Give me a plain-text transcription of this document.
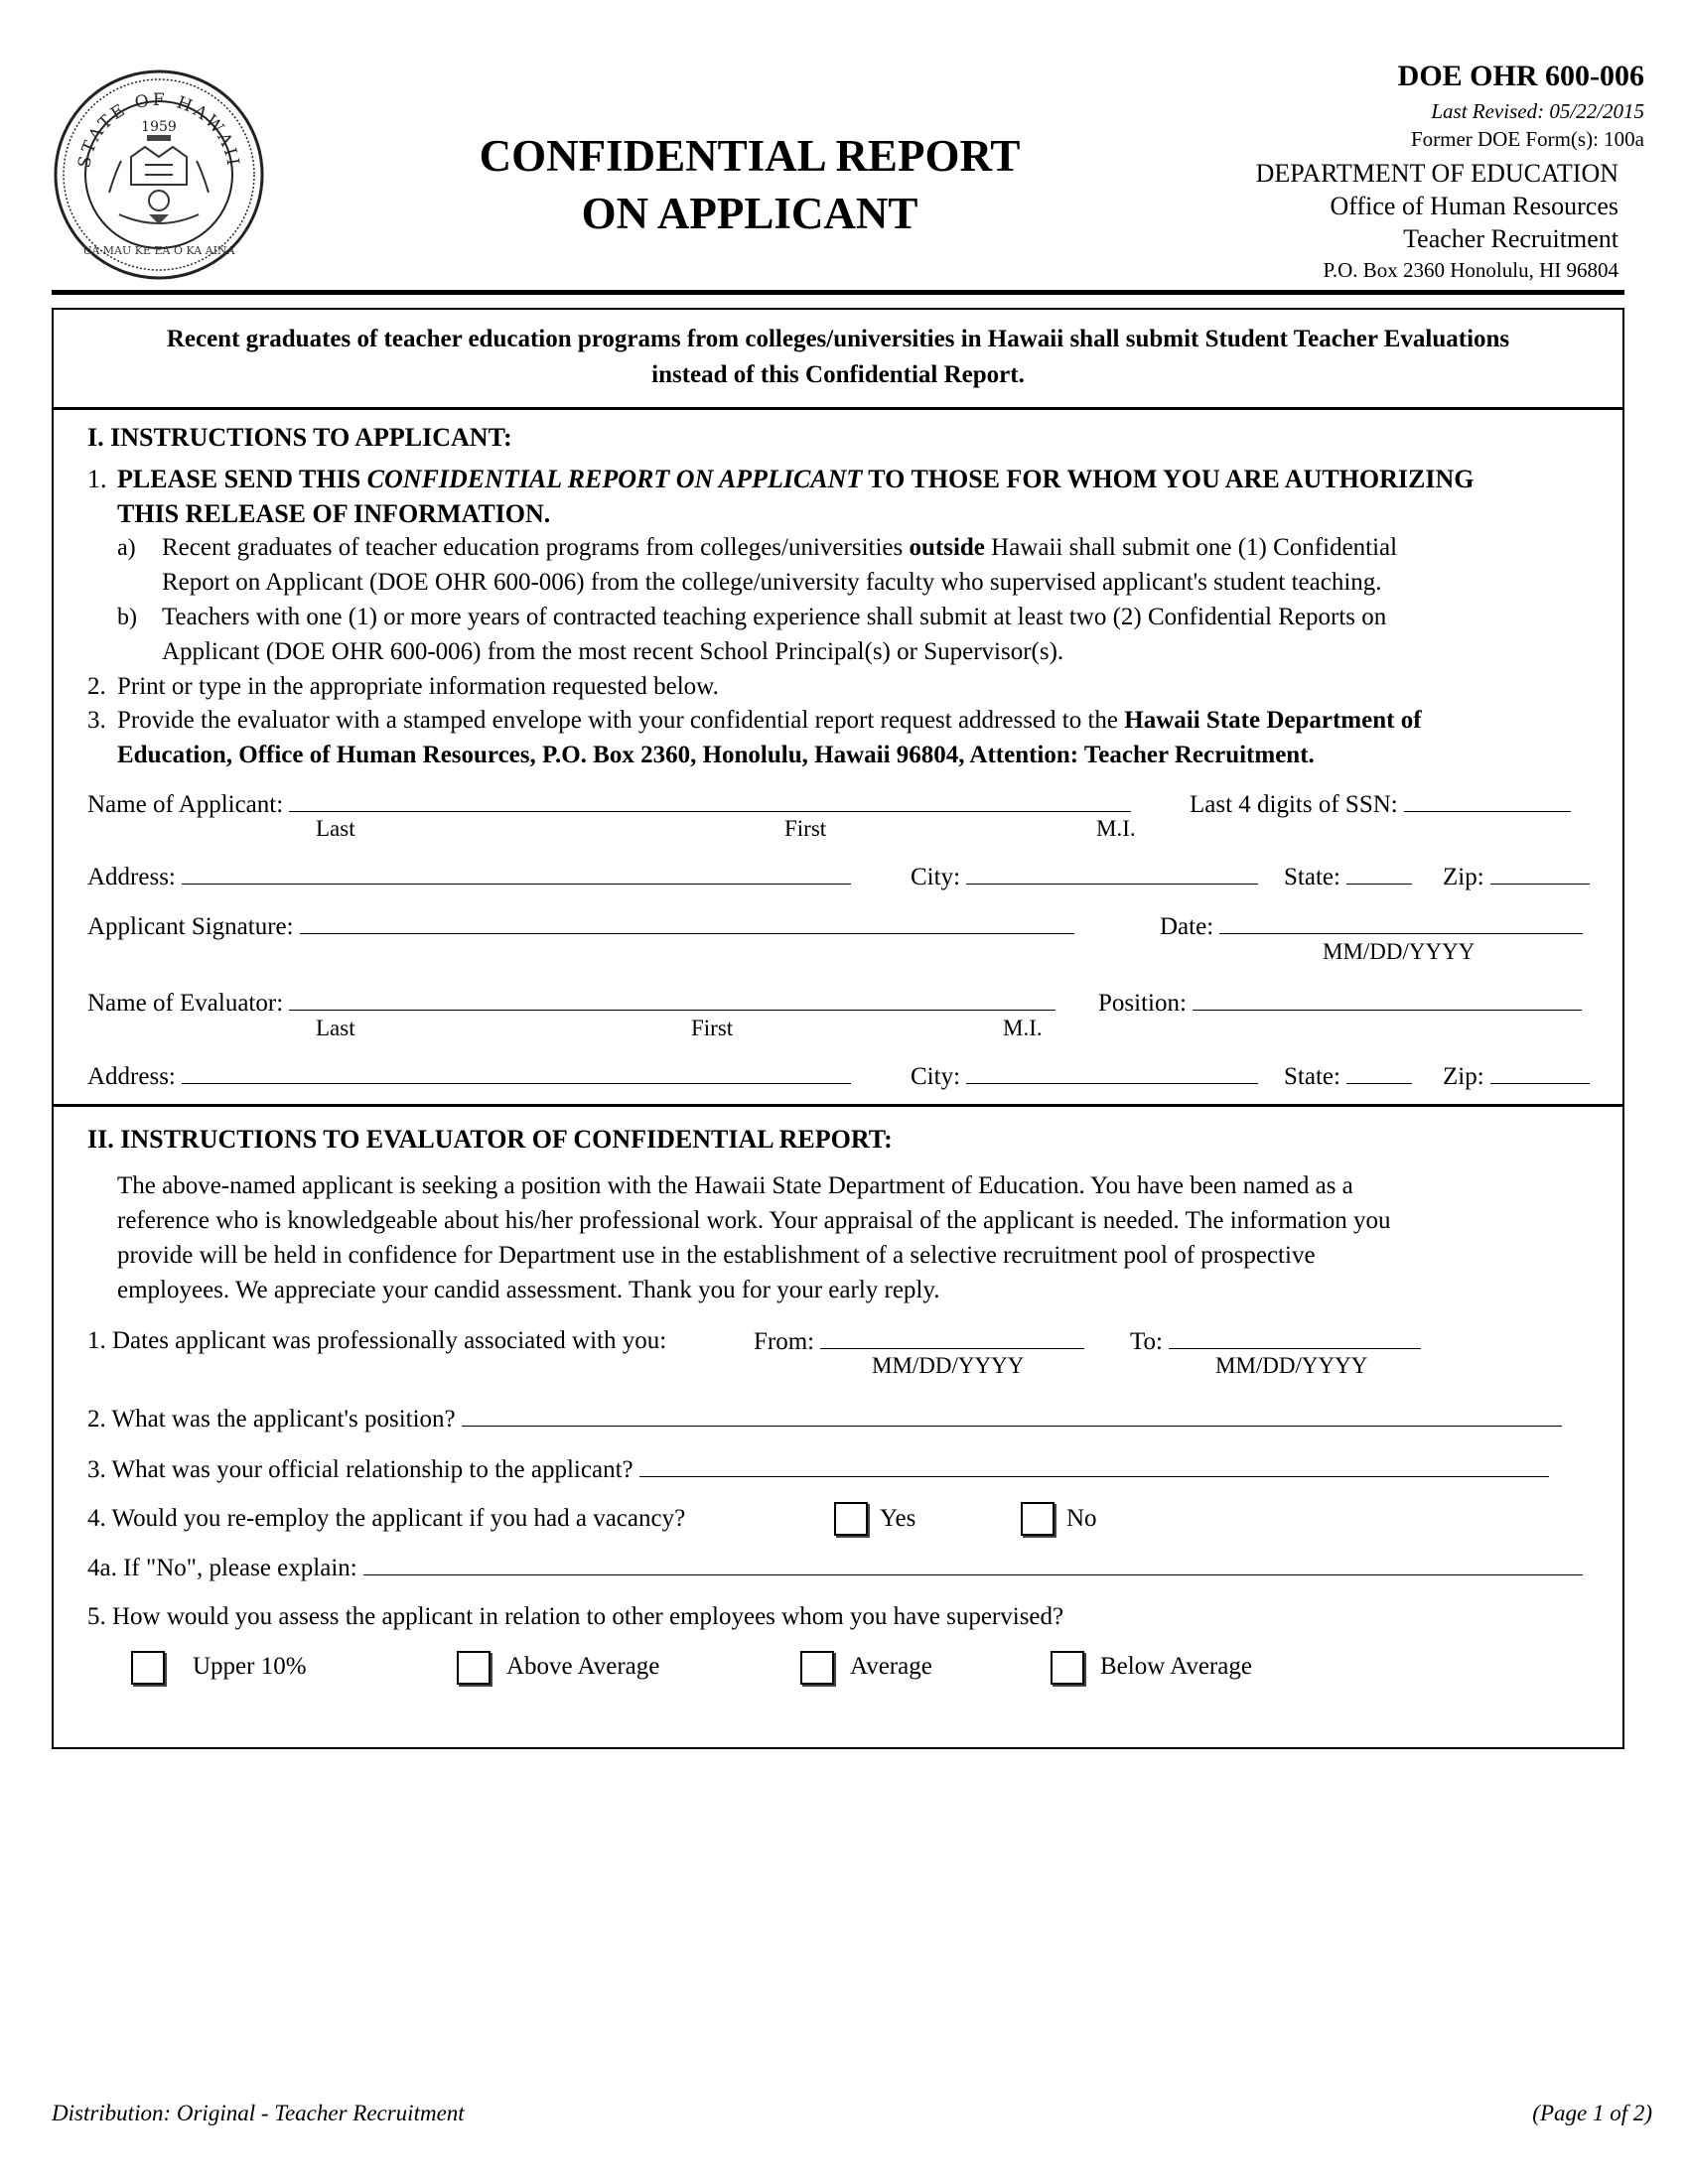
STATE OF HAWAII
1959
UA MAU KE EA O KA AINA
CONFIDENTIAL REPORT
ON APPLICANT
DOE OHR 600-006
Last Revised: 05/22/2015
Former DOE Form(s): 100a
DEPARTMENT OF EDUCATION
Office of Human Resources
Teacher Recruitment
P.O. Box 2360 Honolulu, HI 96804
Recent graduates of teacher education programs from colleges/universities in Hawaii shall submit Student Teacher Evaluations
instead of this Confidential Report.
I. INSTRUCTIONS TO APPLICANT:
1. PLEASE SEND THIS CONFIDENTIAL REPORT ON APPLICANT TO THOSE FOR WHOM YOU ARE AUTHORIZING
THIS RELEASE OF INFORMATION.
a) Recent graduates of teacher education programs from colleges/universities outside Hawaii shall submit one (1) Confidential
Report on Applicant (DOE OHR 600-006) from the college/university faculty who supervised applicant's student teaching.
b) Teachers with one (1) or more years of contracted teaching experience shall submit at least two (2) Confidential Reports on
Applicant (DOE OHR 600-006) from the most recent School Principal(s) or Supervisor(s).
2. Print or type in the appropriate information requested below.
3. Provide the evaluator with a stamped envelope with your confidential report request addressed to the Hawaii State Department of
Education, Office of Human Resources, P.O. Box 2360, Honolulu, Hawaii 96804, Attention: Teacher Recruitment.
Name of Applicant:	Last 4 digits of SSN:
Last	First	M.I.
Address:	City:	State:	Zip:
Applicant Signature:	Date:
MM/DD/YYYY
Name of Evaluator:	Position:
Last	First	M.I.
Address:	City:	State:	Zip:
II. INSTRUCTIONS TO EVALUATOR OF CONFIDENTIAL REPORT:
The above-named applicant is seeking a position with the Hawaii State Department of Education. You have been named as a
reference who is knowledgeable about his/her professional work. Your appraisal of the applicant is needed. The information you
provide will be held in confidence for Department use in the establishment of a selective recruitment pool of prospective
employees. We appreciate your candid assessment. Thank you for your early reply.
1. Dates applicant was professionally associated with you:	From:	To:
MM/DD/YYYY	MM/DD/YYYY
2. What was the applicant's position?
3. What was your official relationship to the applicant?
4. Would you re-employ the applicant if you had a vacancy?	Yes	No
4a. If "No", please explain:
5. How would you assess the applicant in relation to other employees whom you have supervised?
Upper 10%	Above Average	Average	Below Average
Distribution: Original - Teacher Recruitment	(Page 1 of 2)
